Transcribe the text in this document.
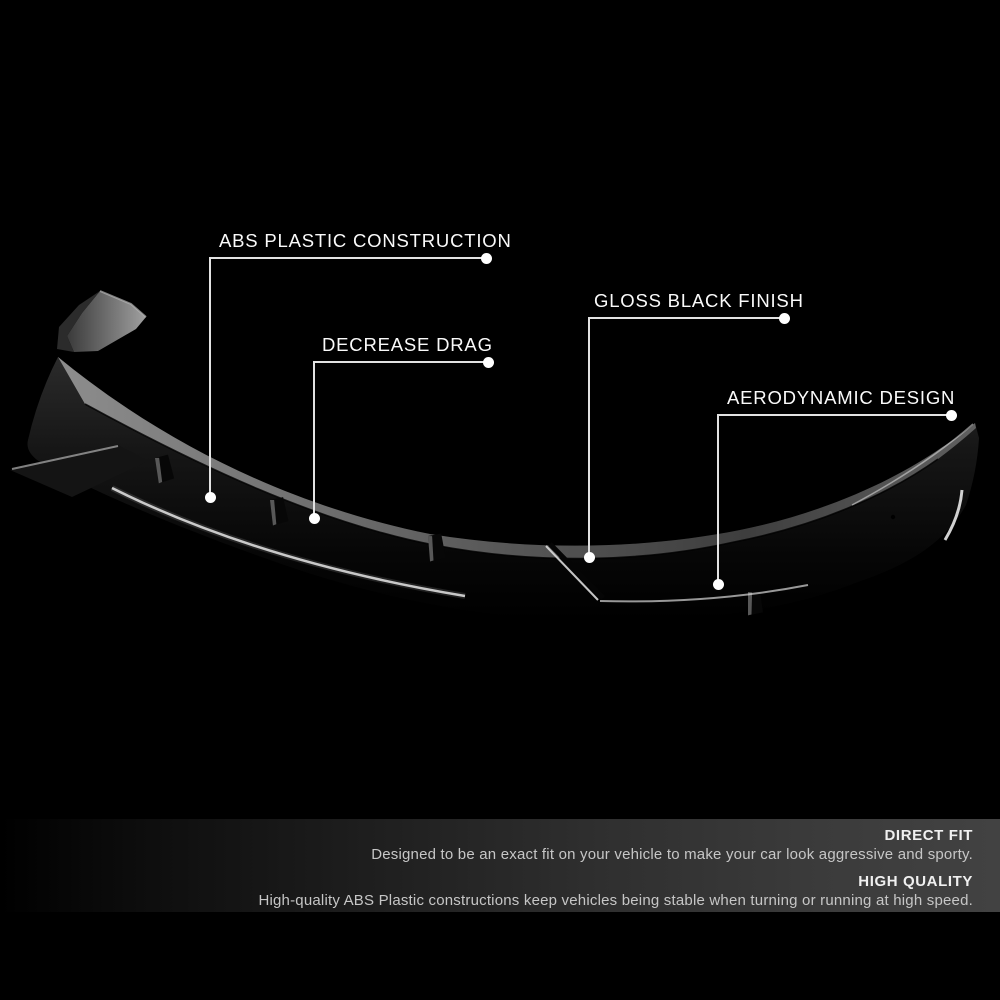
ABS PLASTIC CONSTRUCTION
DECREASE DRAG
GLOSS BLACK FINISH
AERODYNAMIC DESIGN
DIRECT FIT
Designed to be an exact fit on your vehicle to make your car look aggressive and sporty.
HIGH QUALITY
High-quality ABS Plastic constructions keep vehicles being stable when turning or running at high speed.
